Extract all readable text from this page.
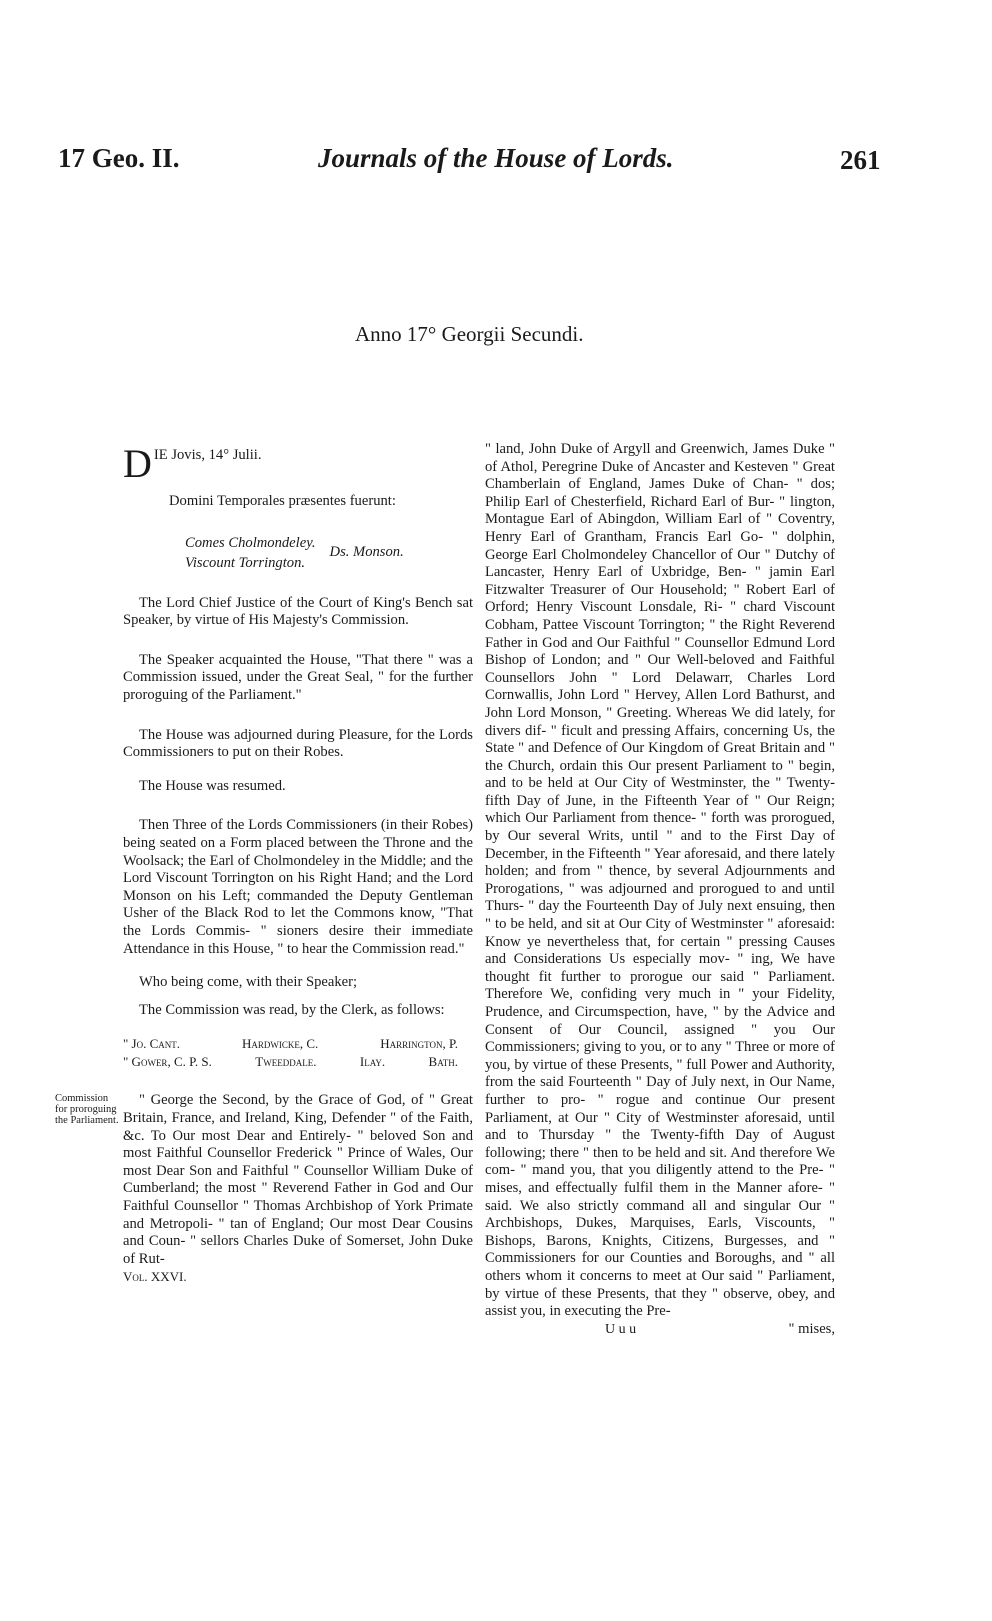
17 Geo. II.	Journals of the House of Lords.	261
Anno 17° Georgii Secundi.
Commission for proroguing the Parliament.
D IE Jovis, 14° Julii.

Domini Temporales præsentes fuerunt:

Comes Cholmondeley.
Viscount Torrington.
Ds. Monson.

The Lord Chief Justice of the Court of King's Bench sat Speaker, by virtue of His Majesty's Commission.

The Speaker acquainted the House, "That there " was a Commission issued, under the Great Seal, " for the further proroguing of the Parliament."

The House was adjourned during Pleasure, for the Lords Commissioners to put on their Robes.

The House was resumed.

Then Three of the Lords Commissioners (in their Robes) being seated on a Form placed between the Throne and the Woolsack; the Earl of Cholmondeley in the Middle; and the Lord Viscount Torrington on his Right Hand; and the Lord Monson on his Left; commanded the Deputy Gentleman Usher of the Black Rod to let the Commons know, "That the Lords Commis- " sioners desire their immediate Attendance in this House, " to hear the Commission read."

Who being come, with their Speaker;

The Commission was read, by the Clerk, as follows:

" Jo. Cant.	Hardwicke, C.	Harrington, P.
" Gower, C. P. S.	Tweeddale.	Ilay.	Bath.

" George the Second, by the Grace of God, of " Great Britain, France, and Ireland, King, Defender " of the Faith, &c. To Our most Dear and Entirely- " beloved Son and most Faithful Counsellor Frederick " Prince of Wales, Our most Dear Son and Faithful " Counsellor William Duke of Cumberland; the most " Reverend Father in God and Our Faithful Counsellor " Thomas Archbishop of York Primate and Metropoli- " tan of England; Our most Dear Cousins and Coun- " sellors Charles Duke of Somerset, John Duke of Rut-

Vol. XXVI.

" land, John Duke of Argyll and Greenwich, James Duke " of Athol, Peregrine Duke of Ancaster and Kesteven " Great Chamberlain of England, James Duke of Chan- " dos; Philip Earl of Chesterfield, Richard Earl of Bur- " lington, Montague Earl of Abingdon, William Earl of " Coventry, Henry Earl of Grantham, Francis Earl Go- " dolphin, George Earl Cholmondeley Chancellor of Our " Dutchy of Lancaster, Henry Earl of Uxbridge, Ben- " jamin Earl Fitzwalter Treasurer of Our Household; " Robert Earl of Orford; Henry Viscount Lonsdale, Ri- " chard Viscount Cobham, Pattee Viscount Torrington; " the Right Reverend Father in God and Our Faithful " Counsellor Edmund Lord Bishop of London; and " Our Well-beloved and Faithful Counsellors John " Lord Delawarr, Charles Lord Cornwallis, John Lord " Hervey, Allen Lord Bathurst, and John Lord Monson, " Greeting. Whereas We did lately, for divers dif- " ficult and pressing Affairs, concerning Us, the State " and Defence of Our Kingdom of Great Britain and " the Church, ordain this Our present Parliament to " begin, and to be held at Our City of Westminster, the " Twenty-fifth Day of June, in the Fifteenth Year of " Our Reign; which Our Parliament from thence- " forth was prorogued, by Our several Writs, until " and to the First Day of December, in the Fifteenth " Year aforesaid, and there lately holden; and from " thence, by several Adjournments and Prorogations, " was adjourned and prorogued to and until Thurs- " day the Fourteenth Day of July next ensuing, then " to be held, and sit at Our City of Westminster " aforesaid: Know ye nevertheless that, for certain " pressing Causes and Considerations Us especially mov- " ing, We have thought fit further to prorogue our said " Parliament. Therefore We, confiding very much in " your Fidelity, Prudence, and Circumspection, have, " by the Advice and Consent of Our Council, assigned " you Our Commissioners; giving to you, or to any " Three or more of you, by virtue of these Presents, " full Power and Authority, from the said Fourteenth " Day of July next, in Our Name, further to pro- " rogue and continue Our present Parliament, at Our " City of Westminster aforesaid, until and to Thursday " the Twenty-fifth Day of August following; there " then to be held and sit. And therefore We com- " mand you, that you diligently attend to the Pre- " mises, and effectually fulfil them in the Manner afore- " said. We also strictly command all and singular Our " Archbishops, Dukes, Marquises, Earls, Viscounts, " Bishops, Barons, Knights, Citizens, Burgesses, and " Commissioners for our Counties and Boroughs, and " all others whom it concerns to meet at Our said " Parliament, by virtue of these Presents, that they " observe, obey, and assist you, in executing the Pre-

U u u	" mises,
